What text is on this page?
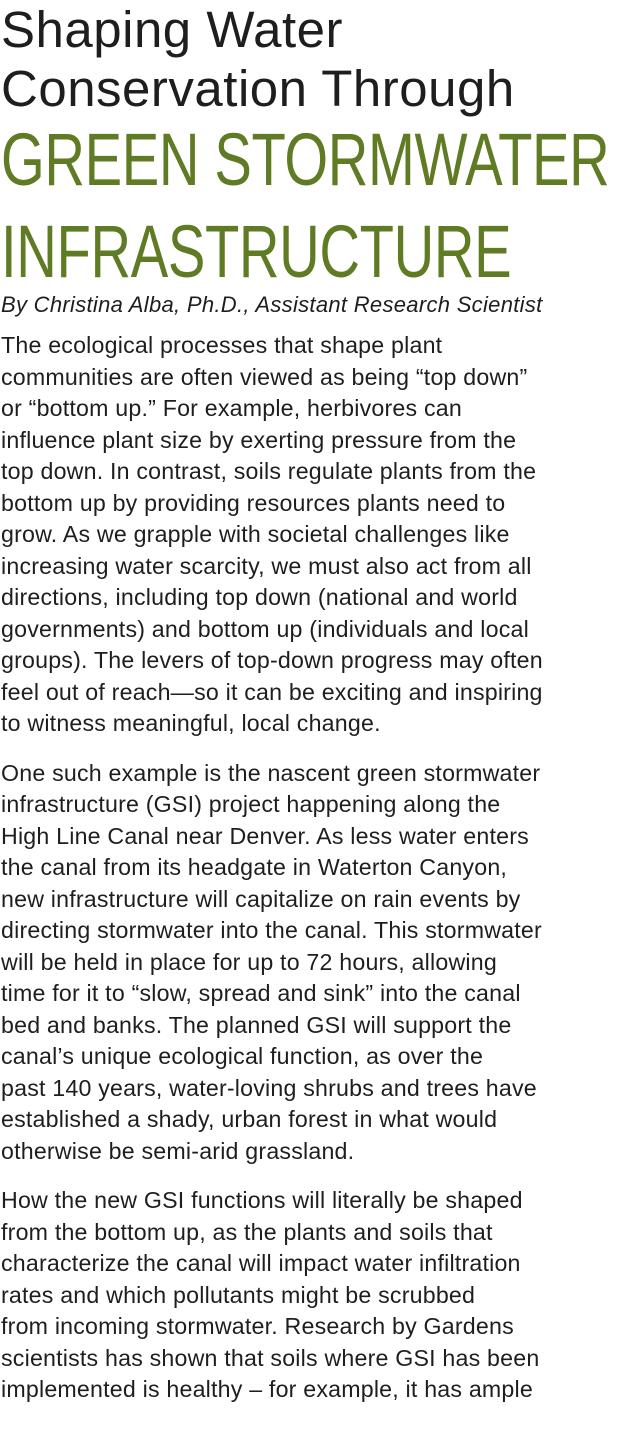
Shaping Water
Conservation Through
GREEN STORMWATER
INFRASTRUCTURE

By Christina Alba, Ph.D., Assistant Research Scientist

The ecological processes that shape plant
communities are often viewed as being “top down”
or “bottom up.” For example, herbivores can
influence plant size by exerting pressure from the
top down. In contrast, soils regulate plants from the
bottom up by providing resources plants need to
grow. As we grapple with societal challenges like
increasing water scarcity, we must also act from all
directions, including top down (national and world
governments) and bottom up (individuals and local
groups). The levers of top-down progress may often
feel out of reach—so it can be exciting and inspiring
to witness meaningful, local change.

One such example is the nascent green stormwater
infrastructure (GSI) project happening along the
High Line Canal near Denver. As less water enters
the canal from its headgate in Waterton Canyon,
new infrastructure will capitalize on rain events by
directing stormwater into the canal. This stormwater
will be held in place for up to 72 hours, allowing
time for it to “slow, spread and sink” into the canal
bed and banks. The planned GSI will support the
canal’s unique ecological function, as over the
past 140 years, water-loving shrubs and trees have
established a shady, urban forest in what would
otherwise be semi-arid grassland.

How the new GSI functions will literally be shaped
from the bottom up, as the plants and soils that
characterize the canal will impact water infiltration
rates and which pollutants might be scrubbed
from incoming stormwater. Research by Gardens
scientists has shown that soils where GSI has been
implemented is healthy – for example, it has ample
